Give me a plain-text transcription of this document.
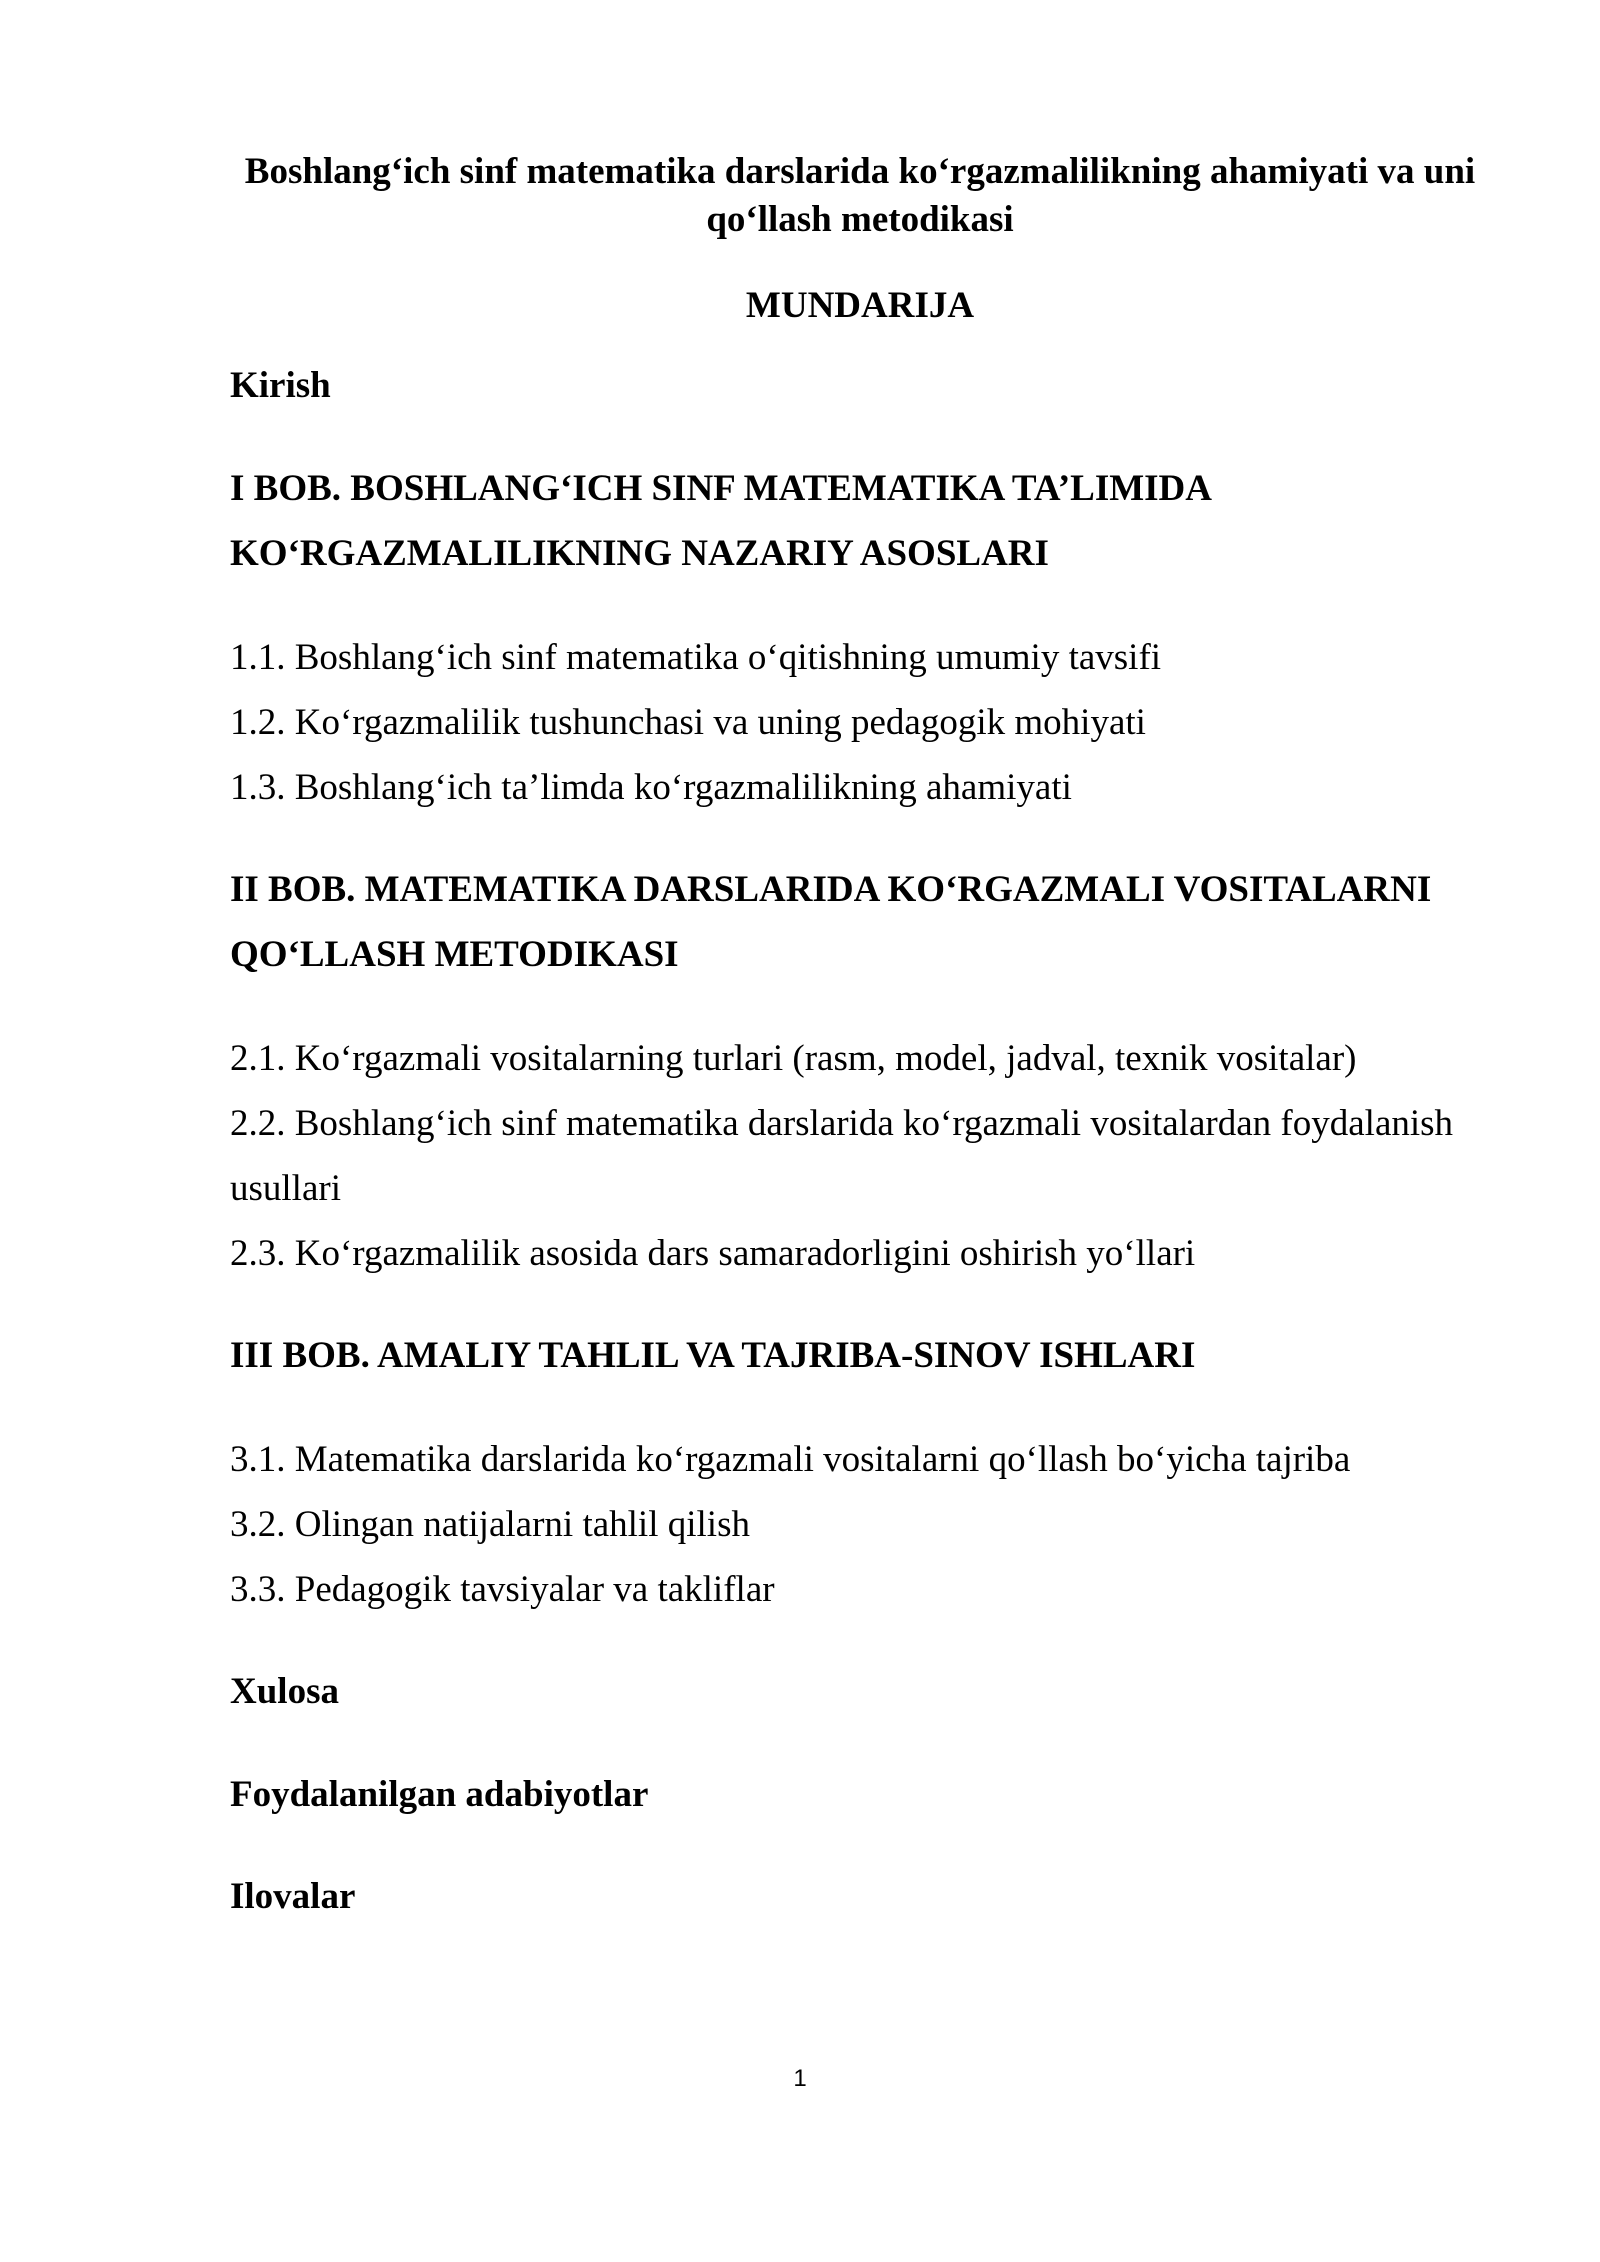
Boshlang‘ich sinf matematika darslarida ko‘rgazmalilikning ahamiyati va uni
qo‘llash metodikasi
MUNDARIJA
Kirish
I BOB. BOSHLANG‘ICH SINF MATEMATIKA TA’LIMIDA
KO‘RGAZMALILIKNING NAZARIY ASOSLARI
1.1. Boshlang‘ich sinf matematika o‘qitishning umumiy tavsifi
1.2. Ko‘rgazmalilik tushunchasi va uning pedagogik mohiyati
1.3. Boshlang‘ich ta’limda ko‘rgazmalilikning ahamiyati
II BOB. MATEMATIKA DARSLARIDA KO‘RGAZMALI VOSITALARNI
QO‘LLASH METODIKASI
2.1. Ko‘rgazmali vositalarning turlari (rasm, model, jadval, texnik vositalar)
2.2. Boshlang‘ich sinf matematika darslarida ko‘rgazmali vositalardan foydalanish
usullari
2.3. Ko‘rgazmalilik asosida dars samaradorligini oshirish yo‘llari
III BOB. AMALIY TAHLIL VA TAJRIBA-SINOV ISHLARI
3.1. Matematika darslarida ko‘rgazmali vositalarni qo‘llash bo‘yicha tajriba
3.2. Olingan natijalarni tahlil qilish
3.3. Pedagogik tavsiyalar va takliflar
Xulosa
Foydalanilgan adabiyotlar
Ilovalar
1
